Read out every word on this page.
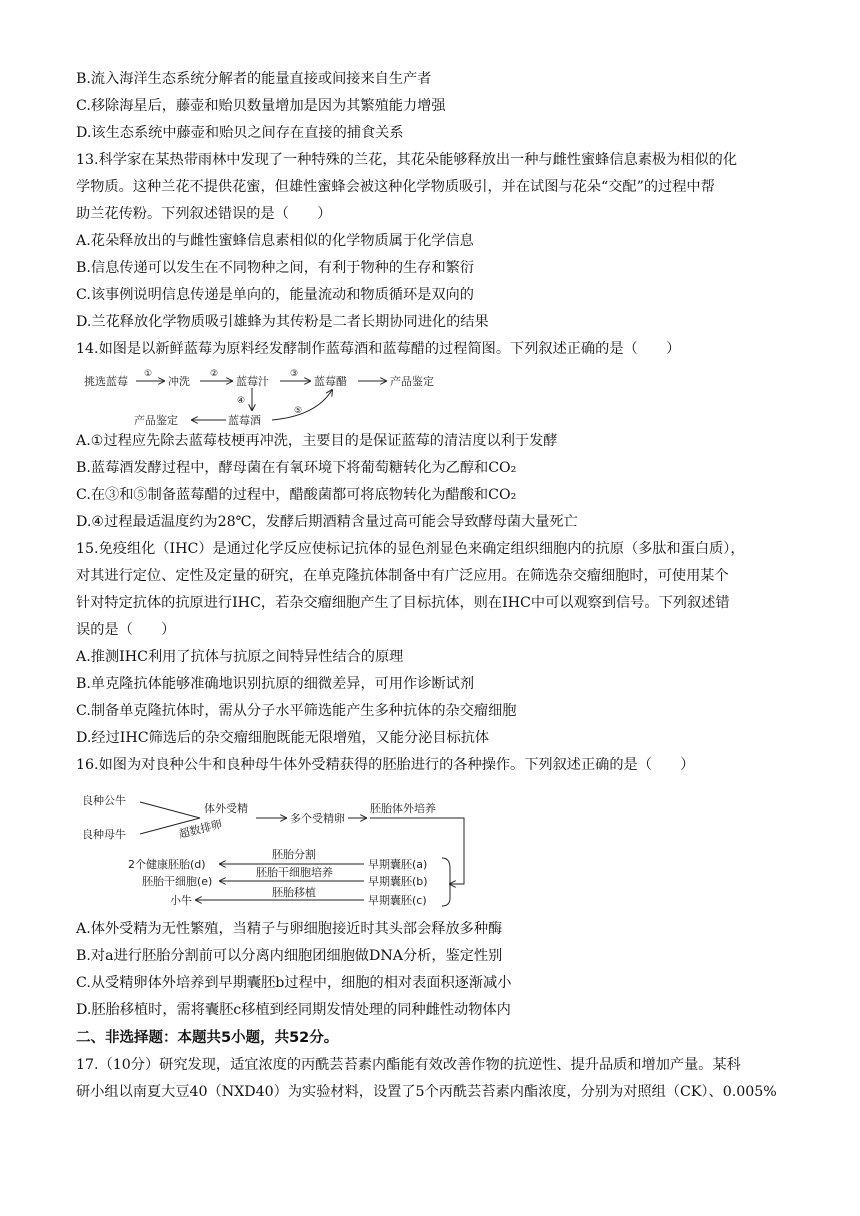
B.流入海洋生态系统分解者的能量直接或间接来自生产者
C.移除海星后，藤壶和贻贝数量增加是因为其繁殖能力增强
D.该生态系统中藤壶和贻贝之间存在直接的捕食关系
13.科学家在某热带雨林中发现了一种特殊的兰花，其花朵能够释放出一种与雌性蜜蜂信息素极为相似的化
学物质。这种兰花不提供花蜜，但雄性蜜蜂会被这种化学物质吸引，并在试图与花朵“交配”的过程中帮
助兰花传粉。下列叙述错误的是（　　）
A.花朵释放出的与雌性蜜蜂信息素相似的化学物质属于化学信息
B.信息传递可以发生在不同物种之间，有利于物种的生存和繁衍
C.该事例说明信息传递是单向的，能量流动和物质循环是双向的
D.兰花释放化学物质吸引雄蜂为其传粉是二者长期协同进化的结果
14.如图是以新鲜蓝莓为原料经发酵制作蓝莓酒和蓝莓醋的过程简图。下列叙述正确的是（　　）
挑选蓝莓
①
冲洗
②
蓝莓汁
③
蓝莓醋	产品鉴定
④
产品鉴定	蓝莓酒
⑤
A.①过程应先除去蓝莓枝梗再冲洗，主要目的是保证蓝莓的清洁度以利于发酵
B.蓝莓酒发酵过程中，酵母菌在有氧环境下将葡萄糖转化为乙醇和CO₂
C.在③和⑤制备蓝莓醋的过程中，醋酸菌都可将底物转化为醋酸和CO₂
D.④过程最适温度约为28℃，发酵后期酒精含量过高可能会导致酵母菌大量死亡
15.免疫组化（IHC）是通过化学反应使标记抗体的显色剂显色来确定组织细胞内的抗原（多肽和蛋白质），
对其进行定位、定性及定量的研究，在单克隆抗体制备中有广泛应用。在筛选杂交瘤细胞时，可使用某个
针对特定抗体的抗原进行IHC，若杂交瘤细胞产生了目标抗体，则在IHC中可以观察到信号。下列叙述错
误的是（　　）
A.推测IHC利用了抗体与抗原之间特异性结合的原理
B.单克隆抗体能够准确地识别抗原的细微差异，可用作诊断试剂
C.制备单克隆抗体时，需从分子水平筛选能产生多种抗体的杂交瘤细胞
D.经过IHC筛选后的杂交瘤细胞既能无限增殖，又能分泌目标抗体
16.如图为对良种公牛和良种母牛体外受精获得的胚胎进行的各种操作。下列叙述正确的是（　　）
良种公牛
良种母牛
体外受精
超数排卵	多个受精卵
胚胎体外培养
早期囊胚(a)
早期囊胚(b)
早期囊胚(c)
胚胎分割
胚胎干细胞培养
胚胎移植
2个健康胚胎(d)
胚胎干细胞(e)
小牛
A.体外受精为无性繁殖，当精子与卵细胞接近时其头部会释放多种酶
B.对a进行胚胎分割前可以分离内细胞团细胞做DNA分析，鉴定性别
C.从受精卵体外培养到早期囊胚b过程中，细胞的相对表面积逐渐减小
D.胚胎移植时，需将囊胚c移植到经同期发情处理的同种雌性动物体内
二、非选择题：本题共5小题，共52分。
17.（10分）研究发现，适宜浓度的丙酰芸苔素内酯能有效改善作物的抗逆性、提升品质和增加产量。某科
研小组以南夏大豆40（NXD40）为实验材料，设置了5个丙酰芸苔素内酯浓度，分别为对照组（CK）、0.005%
